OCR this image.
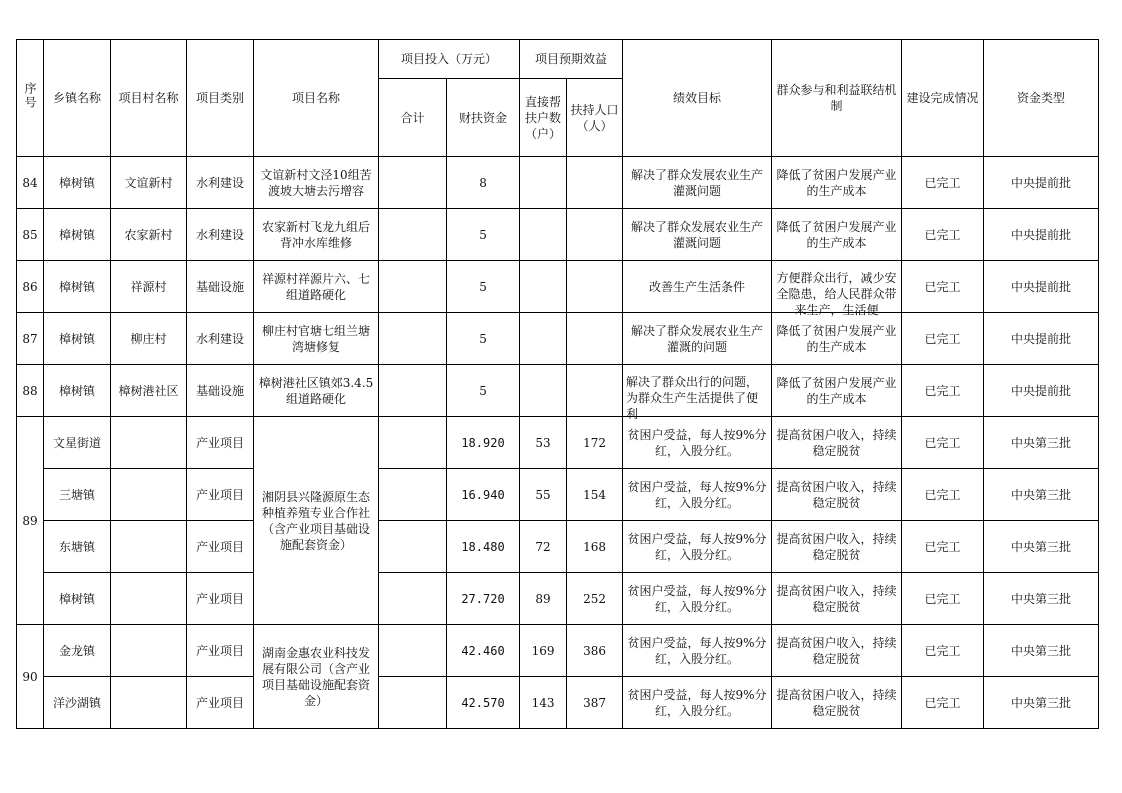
序号	乡镇名称	项目村名称	项目类别	项目名称	项目投入（万元）		项目预期效益		绩效目标	群众参与和利益联结机制	建设完成情况	资金类型
					合计	财扶资金	直接帮扶户数（户）	扶持人口（人）				
84	樟树镇	文谊新村	水利建设	文谊新村文泾10组苦渡坡大塘去污增容		8			解决了群众发展农业生产灌溉问题	降低了贫困户发展产业的生产成本	已完工	中央提前批
85	樟树镇	农家新村	水利建设	农家新村飞龙九组后背冲水库维修		5			解决了群众发展农业生产灌溉问题	降低了贫困户发展产业的生产成本	已完工	中央提前批
86	樟树镇	祥源村	基础设施	祥源村祥源片六、七组道路硬化		5			改善生产生活条件	方便群众出行，减少安全隐患，给人民群众带来生产，生活便	已完工	中央提前批
87	樟树镇	柳庄村	水利建设	柳庄村官塘七组兰塘湾塘修复		5			解决了群众发展农业生产灌溉的问题	降低了贫困户发展产业的生产成本	已完工	中央提前批
88	樟树镇	樟树港社区	基础设施	樟树港社区镇郊3.4.5组道路硬化		5			解决了群众出行的问题，为群众生产生活提供了便利	降低了贫困户发展产业的生产成本	已完工	中央提前批
89	文星街道		产业项目	湘阴县兴隆源原生态种植养殖专业合作社（含产业项目基础设施配套资金）		18.920	53	172	贫困户受益，每人按9%分红，入股分红。	提高贫困户收入，持续稳定脱贫	已完工	中央第三批
	三塘镇		产业项目			16.940	55	154	贫困户受益，每人按9%分红，入股分红。	提高贫困户收入，持续稳定脱贫	已完工	中央第三批
	东塘镇		产业项目			18.480	72	168	贫困户受益，每人按9%分红，入股分红。	提高贫困户收入，持续稳定脱贫	已完工	中央第三批
	樟树镇		产业项目			27.720	89	252	贫困户受益，每人按9%分红，入股分红。	提高贫困户收入，持续稳定脱贫	已完工	中央第三批
90	金龙镇		产业项目	湖南金惠农业科技发展有限公司（含产业项目基础设施配套资金）		42.460	169	386	贫困户受益，每人按9%分红，入股分红。	提高贫困户收入，持续稳定脱贫	已完工	中央第三批
	洋沙湖镇		产业项目			42.570	143	387	贫困户受益，每人按9%分红，入股分红。	提高贫困户收入，持续稳定脱贫	已完工	中央第三批
